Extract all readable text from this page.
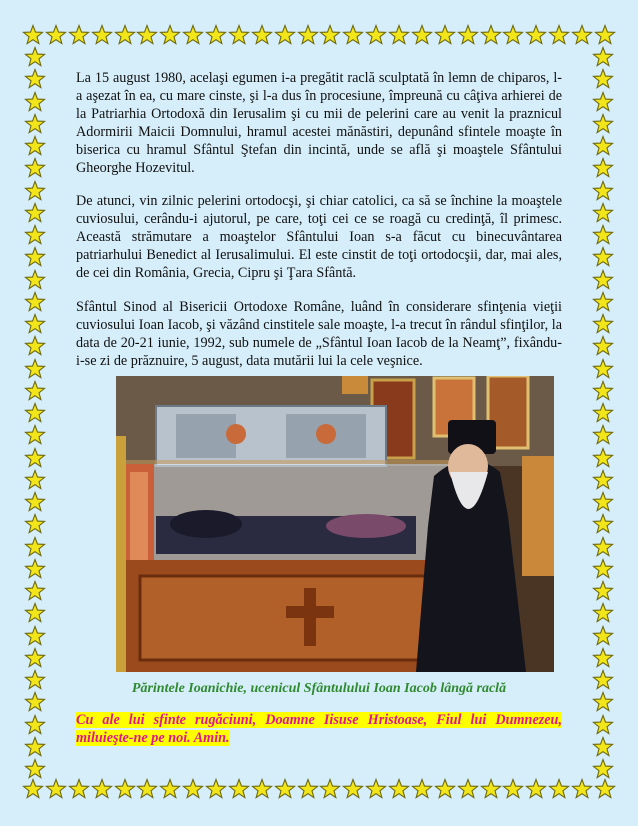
La 15 august 1980, acelaşi egumen i-a pregătit raclă sculptată în lemn de chiparos, l-a aşezat în ea, cu mare cinste, şi l-a dus în procesiune, împreună cu câţiva arhierei de la Patriarhia Ortodoxă din Ierusalim şi cu mii de pelerini care au venit la praznicul Adormirii Maicii Domnului, hramul acestei mănăstiri, depunând sfintele moaşte în biserica cu hramul Sfântul Ştefan din incintă, unde se află şi moaştele Sfântului Gheorghe Hozevitul.

De atunci, vin zilnic pelerini ortodocşi, şi chiar catolici, ca să se închine la moaştele cuviosului, cerându-i ajutorul, pe care, toţi cei ce se roagă cu credinţă, îl primesc. Această strămutare a moaştelor Sfântului Ioan s-a făcut cu binecuvântarea patriarhului Benedict al Ierusalimului. El este cinstit de toţi ortodocşii, dar, mai ales, de cei din România, Grecia, Cipru şi Ţara Sfântă.

Sfântul Sinod al Bisericii Ortodoxe Române, luând în considerare sfinţenia vieţii cuviosului Ioan Iacob, şi văzând cinstitele sale moaşte, l-a trecut în rândul sfinţilor, la data de 20-21 iunie, 1992, sub numele de „Sfântul Ioan Iacob de la Neamţ”, fixându-i-se zi de prăznuire, 5 august, data mutării lui la cele veşnice.

Părintele Ioanichie, ucenicul Sfântulului Ioan Iacob lângă raclă
Cu ale lui sfinte rugăciuni, Doamne Iisuse Hristoase, Fiul lui Dumnezeu, miluieşte-ne pe noi. Amin.
